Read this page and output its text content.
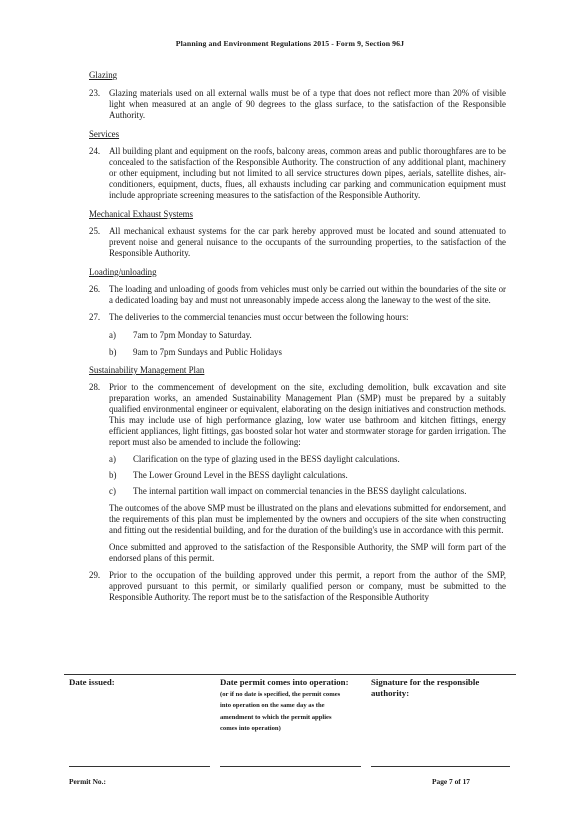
Planning and Environment Regulations 2015 - Form 9, Section 96J

Glazing

23. Glazing materials used on all external walls must be of a type that does not reflect more than 20% of visible light when measured at an angle of 90 degrees to the glass surface, to the satisfaction of the Responsible Authority.

Services

24. All building plant and equipment on the roofs, balcony areas, common areas and public thoroughfares are to be concealed to the satisfaction of the Responsible Authority. The construction of any additional plant, machinery or other equipment, including but not limited to all service structures down pipes, aerials, satellite dishes, air-conditioners, equipment, ducts, flues, all exhausts including car parking and communication equipment must include appropriate screening measures to the satisfaction of the Responsible Authority.

Mechanical Exhaust Systems

25. All mechanical exhaust systems for the car park hereby approved must be located and sound attenuated to prevent noise and general nuisance to the occupants of the surrounding properties, to the satisfaction of the Responsible Authority.

Loading/unloading

26. The loading and unloading of goods from vehicles must only be carried out within the boundaries of the site or a dedicated loading bay and must not unreasonably impede access along the laneway to the west of the site.
27. The deliveries to the commercial tenancies must occur between the following hours:
a) 7am to 7pm Monday to Saturday.
b) 9am to 7pm Sundays and Public Holidays

Sustainability Management Plan

28. Prior to the commencement of development on the site, excluding demolition, bulk excavation and site preparation works, an amended Sustainability Management Plan (SMP) must be prepared by a suitably qualified environmental engineer or equivalent, elaborating on the design initiatives and construction methods. This may include use of high performance glazing, low water use bathroom and kitchen fittings, energy efficient appliances, light fittings, gas boosted solar hot water and stormwater storage for garden irrigation. The report must also be amended to include the following:
a) Clarification on the type of glazing used in the BESS daylight calculations.
b) The Lower Ground Level in the BESS daylight calculations.
c) The internal partition wall impact on commercial tenancies in the BESS daylight calculations.

The outcomes of the above SMP must be illustrated on the plans and elevations submitted for endorsement, and the requirements of this plan must be implemented by the owners and occupiers of the site when constructing and fitting out the residential building, and for the duration of the building's use in accordance with this permit.

Once submitted and approved to the satisfaction of the Responsible Authority, the SMP will form part of the endorsed plans of this permit.

29. Prior to the occupation of the building approved under this permit, a report from the author of the SMP, approved pursuant to this permit, or similarly qualified person or company, must be submitted to the Responsible Authority. The report must be to the satisfaction of the Responsible Authority
Date issued:	Date permit comes into operation:
(or if no date is specified, the permit comes into operation on the same day as the amendment to which the permit applies comes into operation)
Signature for the responsible authority:
Permit No.:	Page 7 of 17
